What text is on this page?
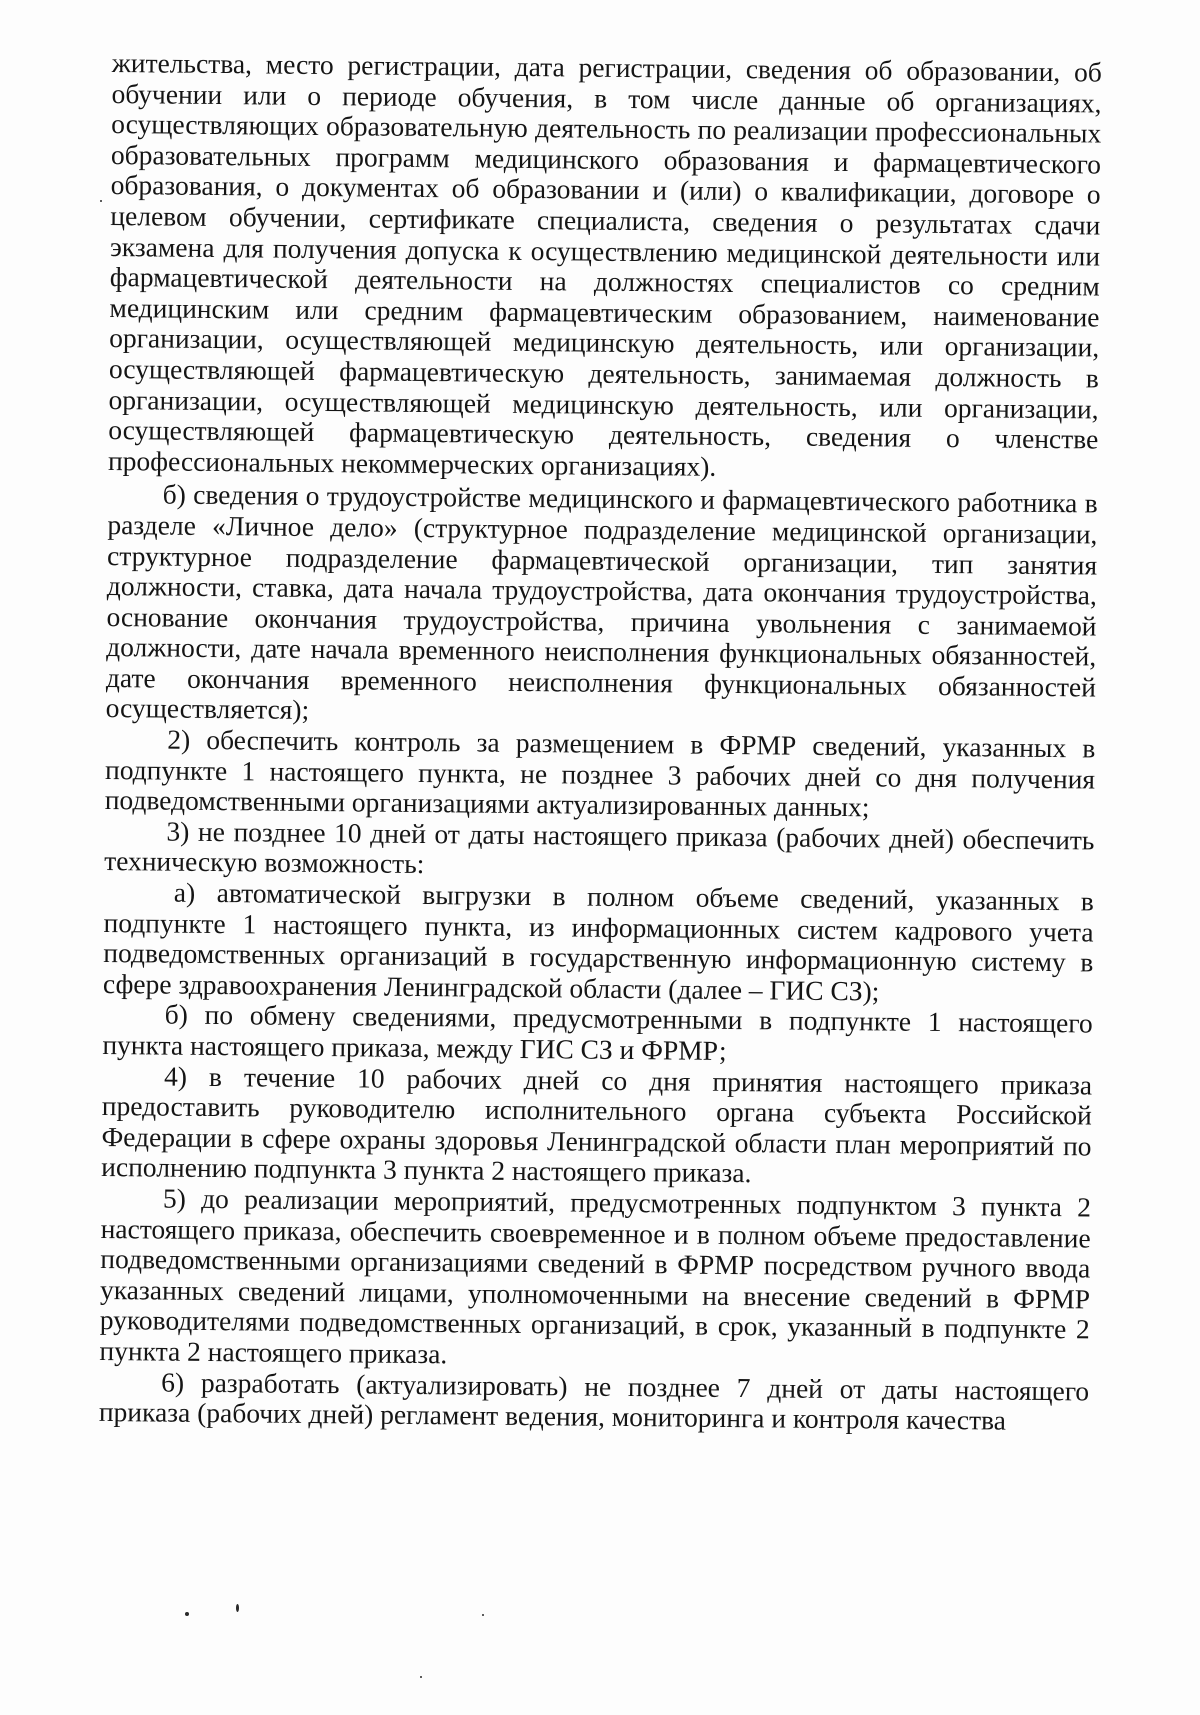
жительства, место регистрации, дата регистрации, сведения об образовании, об обучении или о периоде обучения, в том числе данные об организациях, осуществляющих образовательную деятельность по реализации профессиональных образовательных программ медицинского образования и фармацевтического образования, о документах об образовании и (или) о квалификации, договоре о целевом обучении, сертификате специалиста, сведения о результатах сдачи экзамена для получения допуска к осуществлению медицинской деятельности или фармацевтической деятельности на должностях специалистов со средним медицинским или средним фармацевтическим образованием, наименование организации, осуществляющей медицинскую деятельность, или организации, осуществляющей фармацевтическую деятельность, занимаемая должность в организации, осуществляющей медицинскую деятельность, или организации, осуществляющей фармацевтическую деятельность, сведения о членстве профессиональных некоммерческих организациях).

б) сведения о трудоустройстве медицинского и фармацевтического работника в разделе «Личное дело» (структурное подразделение медицинской организации, структурное подразделение фармацевтической организации, тип занятия должности, ставка, дата начала трудоустройства, дата окончания трудоустройства, основание окончания трудоустройства, причина увольнения с занимаемой должности, дате начала временного неисполнения функциональных обязанностей, дате окончания временного неисполнения функциональных обязанностей осуществляется);

2) обеспечить контроль за размещением в ФРМР сведений, указанных в подпункте 1 настоящего пункта, не позднее 3 рабочих дней со дня получения подведомственными организациями актуализированных данных;

3) не позднее 10 дней от даты настоящего приказа (рабочих дней) обеспечить техническую возможность:

а) автоматической выгрузки в полном объеме сведений, указанных в подпункте 1 настоящего пункта, из информационных систем кадрового учета подведомственных организаций в государственную информационную систему в сфере здравоохранения Ленинградской области (далее – ГИС СЗ);

б) по обмену сведениями, предусмотренными в подпункте 1 настоящего пункта настоящего приказа, между ГИС СЗ и ФРМР;

4) в течение 10 рабочих дней со дня принятия настоящего приказа предоставить руководителю исполнительного органа субъекта Российской Федерации в сфере охраны здоровья Ленинградской области план мероприятий по исполнению подпункта 3 пункта 2 настоящего приказа.

5) до реализации мероприятий, предусмотренных подпунктом 3 пункта 2 настоящего приказа, обеспечить своевременное и в полном объеме предоставление подведомственными организациями сведений в ФРМР посредством ручного ввода указанных сведений лицами, уполномоченными на внесение сведений в ФРМР руководителями подведомственных организаций, в срок, указанный в подпункте 2 пункта 2 настоящего приказа.

6) разработать (актуализировать) не позднее 7 дней от даты настоящего приказа (рабочих дней) регламент ведения, мониторинга и контроля качества
